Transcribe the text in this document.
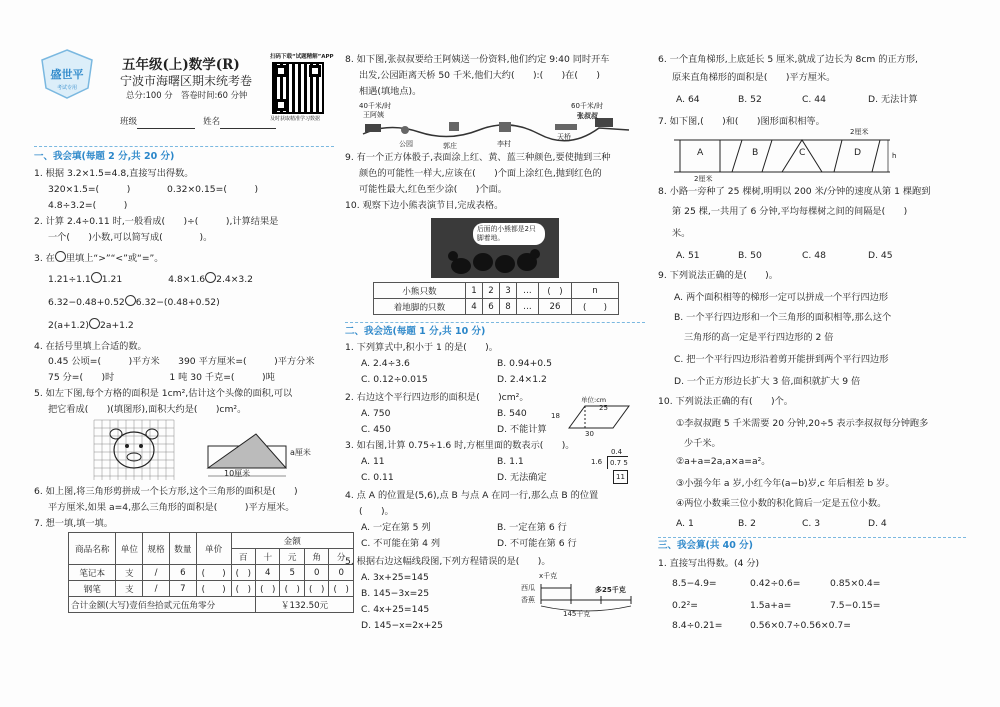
盛世平
考试专用
五年级(上)数学(R)
宁波市海曙区期末统考卷
总分:100 分　答卷时间:60 分钟
班级	姓名
扫码下载“试题精解”APP
及时获取精准学习数据
一、我会填(每题 2 分,共 20 分)
1. 根据 3.2×1.5=4.8,直接写出得数。
320×1.5=(　　　)　　　　0.32×0.15=(　　　)
4.8÷3.2=(　　　)
2. 计算 2.4÷0.11 时,一般看成(　　)÷(　　　),计算结果是
一个(　　)小数,可以简写成(　　　　)。
3. 在 里填上“>”“<”或“=”。
1.21÷1.1 1.21　　　　　4.8×1.6 2.4×3.2
6.32−0.48+0.52 6.32−(0.48+0.52)
2(a+1.2) 2a+1.2
4. 在括号里填上合适的数。
0.45 公顷=(　　　)平方米　　390 平方厘米=(　　　)平方分米
75 分=(　　)时　　　　　　1 吨 30 千克=(　　　)吨
5. 如左下图,每个方格的面积是 1cm²,估计这个头像的面积,可以
把它看成(　　)(填图形),面积大约是(　　)cm²。
10厘米
a厘米
6. 如上图,将三角形剪拼成一个长方形,这个三角形的面积是(　　)
平方厘米,如果 a=4,那么三角形的面积是(　　　)平方厘米。
7. 想一填,填一填。
商品名称	单位	规格	数量	单价	金额				
					百	十	元	角	分
笔记本	支	/	6	(　　)	(　)	4	5	0	0
钢笔	支	/	7	(　　)	(　)	(　)	(　)	(　)	(　)
合计金额(大写)壹佰叁拾贰元伍角零分						￥132.50元			
8. 如下图,张叔叔要给王阿姨送一份资料,他们约定 9:40 同时开车
出发,公园距离天桥 50 千米,他们大约(　　):(　　)在(　　)
相遇(填地点)。
40千米/时
王阿姨
60千米/时
张叔叔
公园	郭庄	李村
天桥
9. 有一个正方体骰子,表面涂上红、黄、蓝三种颜色,要使抛到三种
颜色的可能性一样大,应该在(　　)个面上涂红色,抛到红色的
可能性最大,红色至少涂(　　)个面。
10. 观察下边小熊表演节目,完成表格。
后面的小熊都是2只脚着地。
小熊只数	1	2	3	…	(　)	n
着地脚的只数	4	6	8	…	26	(　　)
二、我会选(每题 1 分,共 10 分)
1. 下列算式中,积小于 1 的是(　　)。
A. 2.4÷3.6	B. 0.94+0.5
C. 0.12÷0.015	D. 2.4×1.2
2. 右边这个平行四边形的面积是(　　)cm²。
A. 750	B. 540
C. 450	D. 不能计算
单位:cm
25
18
30
3. 如右图,计算 0.75÷1.6 时,方框里面的数表示(　　)。
A. 11	B. 1.1
C. 0.11	D. 无法确定
0.4
1.6	0.7 5
11
4. 点 A 的位置是(5,6),点 B 与点 A 在同一行,那么点 B 的位置
(　　)。
A. 一定在第 5 列	B. 一定在第 6 行
C. 不可能在第 4 列	D. 不可能在第 6 行
5. 根据右边这幅线段图,下列方程错误的是(　　)。
A. 3x+25=145
B. 145−3x=25
C. 4x+25=145
D. 145−x=2x+25
x千克
西瓜
香蕉
多25千克
145千克
6. 一个直角梯形,上底延长 5 厘米,就成了边长为 8cm 的正方形,
原来直角梯形的面积是(　　)平方厘米。
A. 64	B. 52	C. 44	D. 无法计算
7. 如下图,(　　)和(　　)图形面积相等。
A	B	C	D
2厘米
2厘米
h
8. 小路一旁种了 25 棵树,明明以 200 米/分钟的速度从第 1 棵跑到
第 25 棵,一共用了 6 分钟,平均每棵树之间的间隔是(　　)
米。
A. 51	B. 50	C. 48	D. 45
9. 下列说法正确的是(　　)。
A. 两个面积相等的梯形一定可以拼成一个平行四边形
B. 一个平行四边形和一个三角形的面积相等,那么这个
三角形的高一定是平行四边形的 2 倍
C. 把一个平行四边形沿着剪开能拼到两个平行四边形
D. 一个正方形边长扩大 3 倍,面积就扩大 9 倍
10. 下列说法正确的有(　　)个。
①李叔叔跑 5 千米需要 20 分钟,20÷5 表示李叔叔每分钟跑多
少千米。
②a+a=2a,a×a=a²。
③小强今年 a 岁,小红今年(a−b)岁,c 年后相差 b 岁。
④两位小数乘三位小数的积化简后一定是五位小数。
A. 1	B. 2	C. 3	D. 4
三、我会算(共 40 分)
1. 直接写出得数。(4 分)
8.5−4.9=	0.42÷0.6=	0.85×0.4=
0.2²=	1.5a+a=	7.5−0.15=
8.4÷0.21=	0.56×0.7÷0.56×0.7=
